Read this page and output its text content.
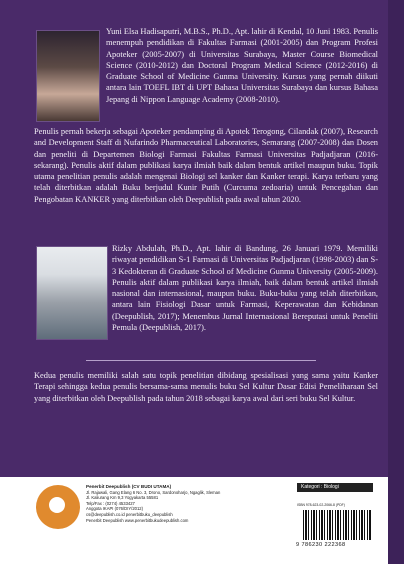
Yuni Elsa Hadisaputri, M.B.S., Ph.D., Apt. lahir di Kendal, 10 Juni 1983. Penulis menempuh pendidikan di Fakultas Farmasi (2001-2005) dan Program Profesi Apoteker (2005-2007) di Universitas Surabaya, Master Course Biomedical Science (2010-2012) dan Doctoral Program Medical Science (2012-2016) di Graduate School of Medicine Gunma University. Kursus yang pernah diikuti antara lain TOEFL IBT di UPT Bahasa Universitas Surabaya dan kursus Bahasa Jepang di Nippon Language Academy (2008-2010).

Penulis pernah bekerja sebagai Apoteker pendamping di Apotek Terogong, Cilandak (2007), Research and Development Staff di Nufarindo Pharmaceutical Laboratories, Semarang (2007-2008) dan Dosen dan peneliti di Departemen Biologi Farmasi Fakultas Farmasi Universitas Padjadjaran (2016-sekarang). Penulis aktif dalam publikasi karya ilmiah baik dalam bentuk artikel maupun buku. Topik utama penelitian penulis adalah mengenai Biologi sel kanker dan Kanker terapi. Karya terbaru yang telah diterbitkan adalah Buku berjudul Kunir Putih (Curcuma zedoaria) untuk Pencegahan dan Pengobatan KANKER yang diterbitkan oleh Deepublish pada awal tahun 2020.

Rizky Abdulah, Ph.D., Apt. lahir di Bandung, 26 Januari 1979. Memiliki riwayat pendidikan S-1 Farmasi di Universitas Padjadjaran (1998-2003) dan S-3 Kedokteran di Graduate School of Medicine Gunma University (2005-2009). Penulis aktif dalam publikasi karya ilmiah, baik dalam bentuk artikel ilmiah nasional dan internasional, maupun buku. Buku-buku yang telah diterbitkan, antara lain Fisiologi Dasar untuk Farmasi, Keperawatan dan Kebidanan (Deepublish, 2017); Menembus Jurnal Internasional Bereputasi untuk Peneliti Pemula (Deepublish, 2017).

Kedua penulis memiliki salah satu topik penelitian dibidang spesialisasi yang sama yaitu Kanker Terapi sehingga kedua penulis bersama-sama menulis buku Sel Kultur Dasar Edisi Pemeliharaan Sel yang diterbitkan oleh Deepublish pada tahun 2018 sebagai karya awal dari seri buku Sel Kultur.

Penerbit Deepublish (CV BUDI UTAMA)
Jl. Rajawali, Gang Elang 6 No. 3, Drono, Sardonoharjo, Ngaglik, Sleman
Jl. Kaliurang Km 9,3 Yogyakarta 55581
Telp/Fax : (0274) 4533427
Anggota IKAPI (076/DIY/2012)
cs@deepublish.co.id penerbitbuku_deepublish
Penerbit Deepublish www.penerbitbukudeepublish.com
Kategori : Biologi
ISBN 978-623-02-2066-8 (PDF)
9 786230 222368
